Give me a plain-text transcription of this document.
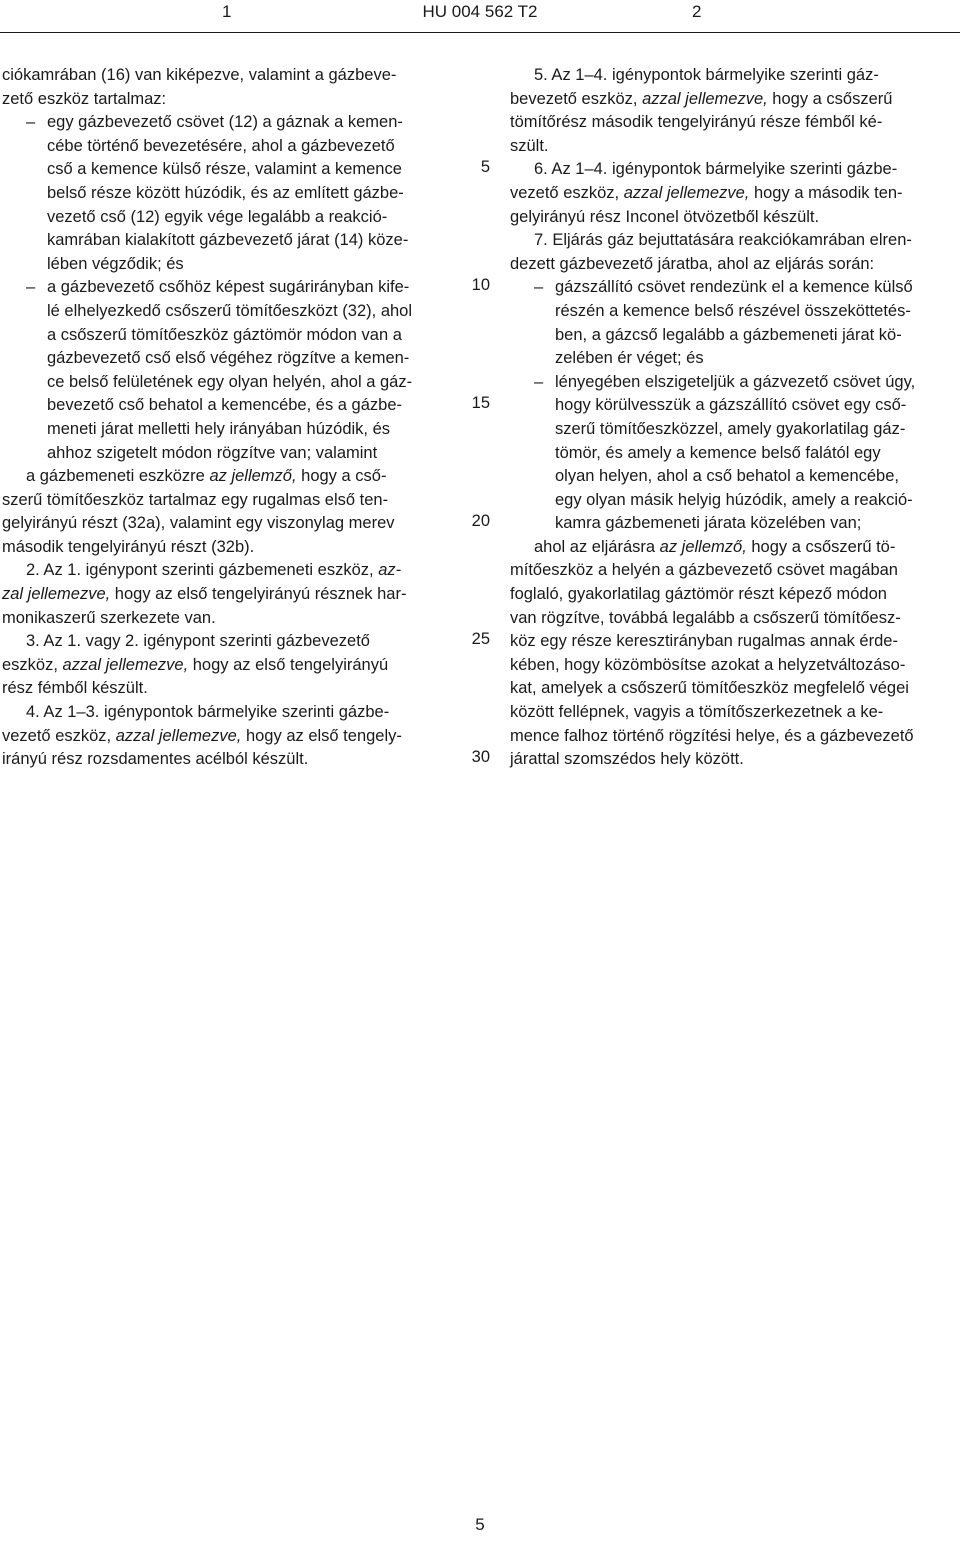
1	HU 004 562 T2	2
ciókamrában (16) van kiképezve, valamint a gázbeve-
zető eszköz tartalmaz:
– egy gázbevezető csövet (12) a gáznak a kemen-
cébe történő bevezetésére, ahol a gázbevezető
cső a kemence külső része, valamint a kemence
belső része között húzódik, és az említett gázbe-
vezető cső (12) egyik vége legalább a reakció-
kamrában kialakított gázbevezető járat (14) köze-
lében végződik; és
– a gázbevezető csőhöz képest sugárirányban kife-
lé elhelyezkedő csőszerű tömítőeszközt (32), ahol
a csőszerű tömítőeszköz gáztömör módon van a
gázbevezető cső első végéhez rögzítve a kemen-
ce belső felületének egy olyan helyén, ahol a gáz-
bevezető cső behatol a kemencébe, és a gázbe-
meneti járat melletti hely irányában húzódik, és
ahhoz szigetelt módon rögzítve van; valamint
a gázbemeneti eszközre az jellemző, hogy a cső-
szerű tömítőeszköz tartalmaz egy rugalmas első ten-
gelyirányú részt (32a), valamint egy viszonylag merev
második tengelyirányú részt (32b).
2. Az 1. igénypont szerinti gázbemeneti eszköz, az-
zal jellemezve, hogy az első tengelyirányú résznek har-
monikaszerű szerkezete van.
3. Az 1. vagy 2. igénypont szerinti gázbevezető
eszköz, azzal jellemezve, hogy az első tengelyirányú
rész fémből készült.
4. Az 1–3. igénypontok bármelyike szerinti gázbe-
vezető eszköz, azzal jellemezve, hogy az első tengely-
irányú rész rozsdamentes acélból készült.
5. Az 1–4. igénypontok bármelyike szerinti gáz-
bevezető eszköz, azzal jellemezve, hogy a csőszerű
tömítőrész második tengelyirányú része fémből ké-
szült.
6. Az 1–4. igénypontok bármelyike szerinti gázbe-
vezető eszköz, azzal jellemezve, hogy a második ten-
gelyirányú rész Inconel ötvözetből készült.
7. Eljárás gáz bejuttatására reakciókamrában elren-
dezett gázbevezető járatba, ahol az eljárás során:
– gázszállító csövet rendezünk el a kemence külső
részén a kemence belső részével összeköttetés-
ben, a gázcső legalább a gázbemeneti járat kö-
zelében ér véget; és
– lényegében elszigeteljük a gázvezető csövet úgy,
hogy körülvesszük a gázszállító csövet egy cső-
szerű tömítőeszközzel, amely gyakorlatilag gáz-
tömör, és amely a kemence belső falától egy
olyan helyen, ahol a cső behatol a kemencébe,
egy olyan másik helyig húzódik, amely a reakció-
kamra gázbemeneti járata közelében van;
ahol az eljárásra az jellemző, hogy a csőszerű tö-
mítőeszköz a helyén a gázbevezető csövet magában
foglaló, gyakorlatilag gáztömör részt képező módon
van rögzítve, továbbá legalább a csőszerű tömítőesz-
köz egy része keresztirányban rugalmas annak érde-
kében, hogy közömbösítse azokat a helyzetváltozáso-
kat, amelyek a csőszerű tömítőeszköz megfelelő végei
között fellépnek, vagyis a tömítőszerkezetnek a ke-
mence falhoz történő rögzítési helye, és a gázbevezető
járattal szomszédos hely között.
5
10
15
20
25
30
5
